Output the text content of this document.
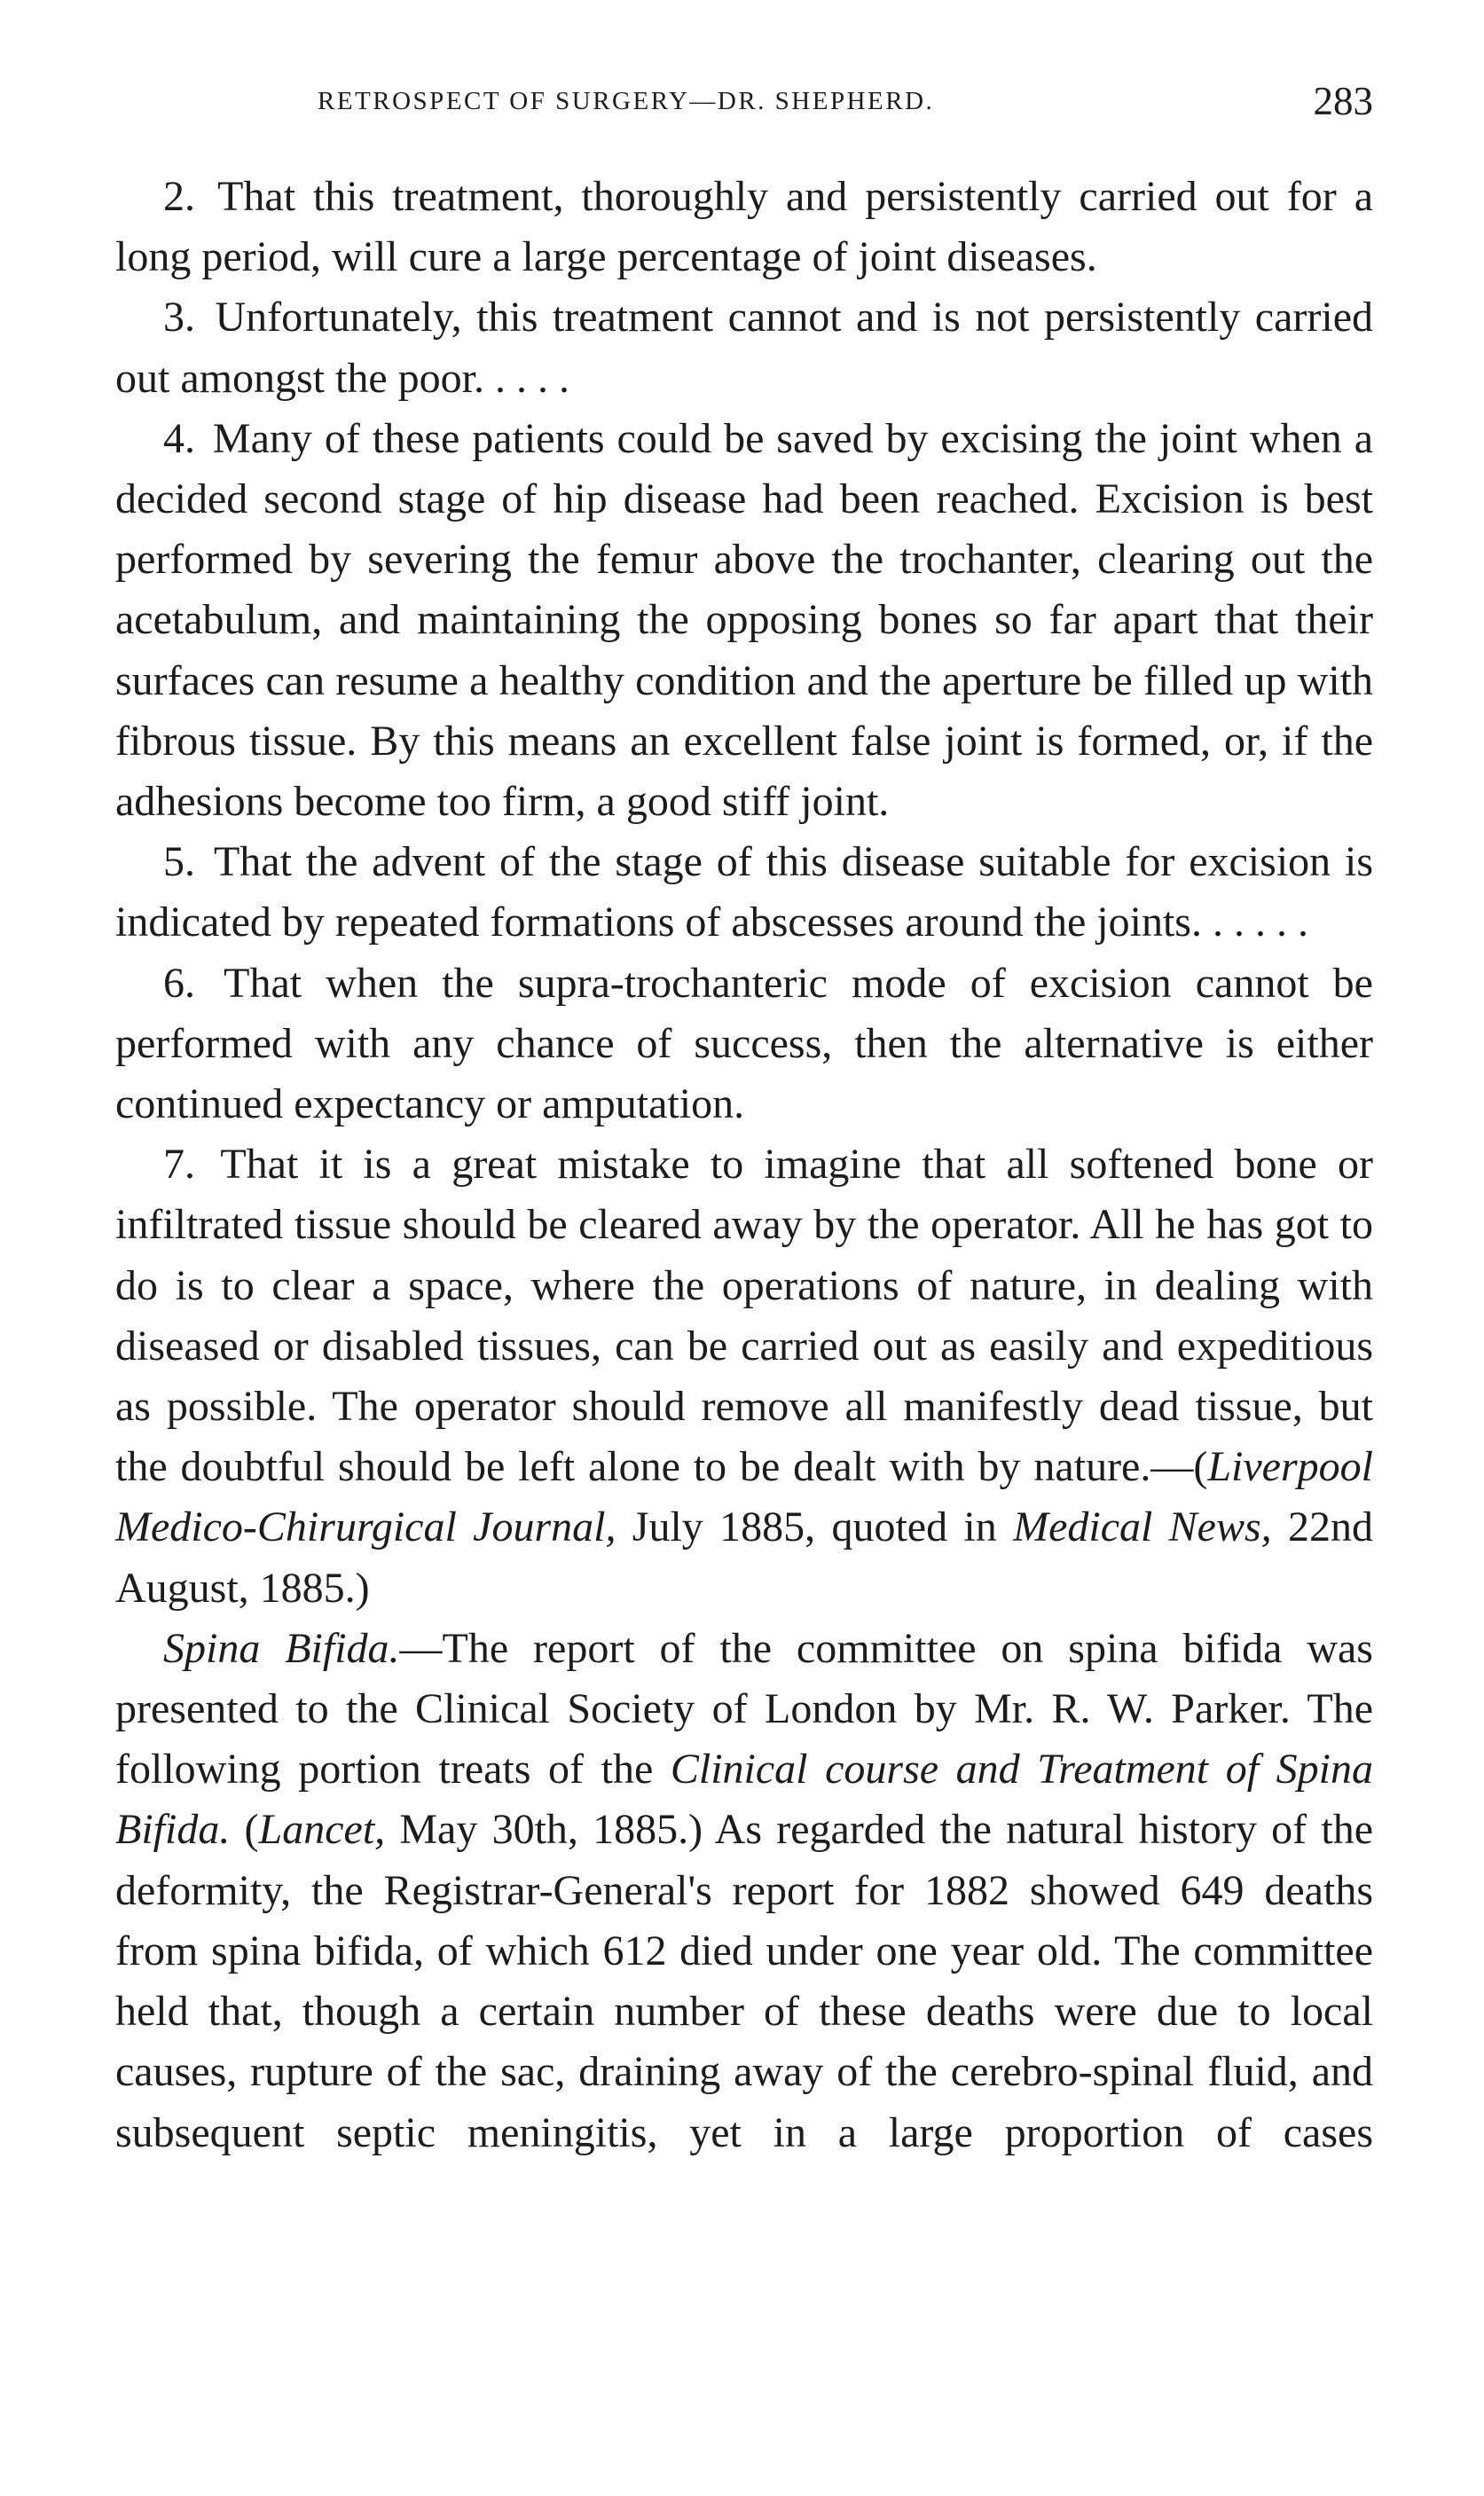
RETROSPECT OF SURGERY—DR. SHEPHERD.	283

2. That this treatment, thoroughly and persistently carried out for a long period, will cure a large percentage of joint diseases.

3. Unfortunately, this treatment cannot and is not persistently carried out amongst the poor. . . . .

4. Many of these patients could be saved by excising the joint when a decided second stage of hip disease had been reached. Excision is best performed by severing the femur above the trochanter, clearing out the acetabulum, and maintaining the opposing bones so far apart that their surfaces can resume a healthy condition and the aperture be filled up with fibrous tissue. By this means an excellent false joint is formed, or, if the adhesions become too firm, a good stiff joint.

5. That the advent of the stage of this disease suitable for excision is indicated by repeated formations of abscesses around the joints. . . . . .

6. That when the supra-trochanteric mode of excision cannot be performed with any chance of success, then the alternative is either continued expectancy or amputation.

7. That it is a great mistake to imagine that all softened bone or infiltrated tissue should be cleared away by the operator. All he has got to do is to clear a space, where the operations of nature, in dealing with diseased or disabled tissues, can be carried out as easily and expeditious as possible. The operator should remove all manifestly dead tissue, but the doubtful should be left alone to be dealt with by nature.—(Liverpool Medico-Chirurgical Journal, July 1885, quoted in Medical News, 22nd August, 1885.)

Spina Bifida.—The report of the committee on spina bifida was presented to the Clinical Society of London by Mr. R. W. Parker. The following portion treats of the Clinical course and Treatment of Spina Bifida. (Lancet, May 30th, 1885.) As regarded the natural history of the deformity, the Registrar-General's report for 1882 showed 649 deaths from spina bifida, of which 612 died under one year old. The committee held that, though a certain number of these deaths were due to local causes, rupture of the sac, draining away of the cerebro-spinal fluid, and subsequent septic meningitis, yet in a large proportion of cases
